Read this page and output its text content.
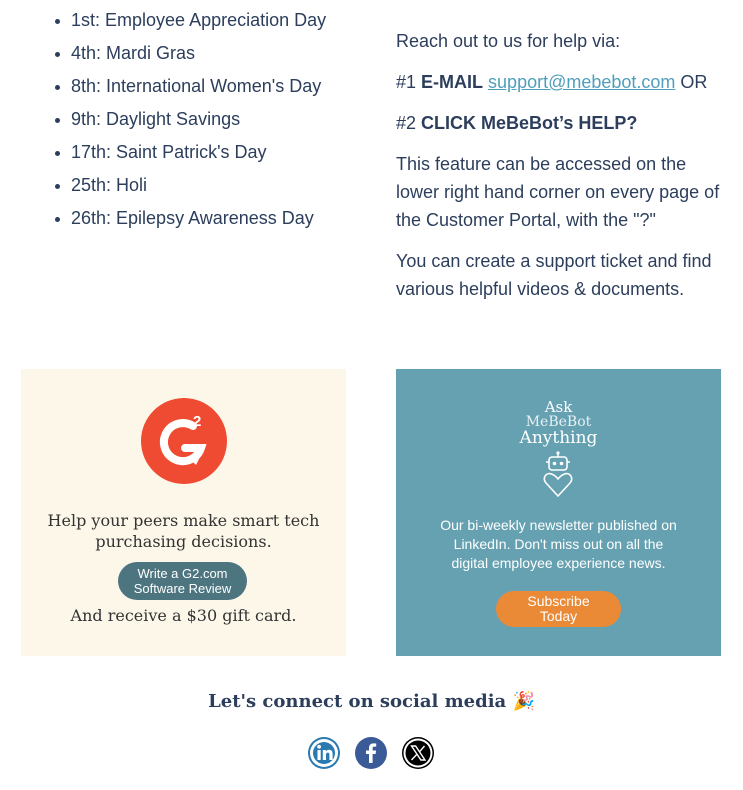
1st: Employee Appreciation Day
4th: Mardi Gras
8th: International Women's Day
9th: Daylight Savings
17th: Saint Patrick's Day
25th: Holi
26th: Epilepsy Awareness Day

Reach out to us for help via:

#1 E-MAIL support@mebebot.com OR

#2 CLICK MeBeBot’s HELP?

This feature can be accessed on the lower right hand corner on every page of the Customer Portal, with the "?"

You can create a support ticket and find various helpful videos & documents.

2
Help your peers make smart tech
purchasing decisions.
Write a G2.com
Software Review
And receive a $30 gift card.
Ask
MeBeBot
Anything
Our bi-weekly newsletter published on
LinkedIn. Don't miss out on all the
digital employee experience news.
Subscribe
Today
Let's connect on social media 🎉
